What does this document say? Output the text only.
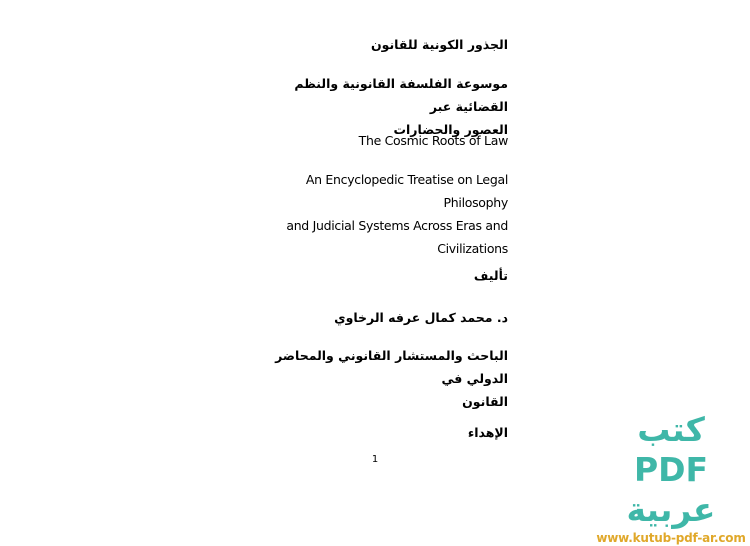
الجذور الكونية للقانون
موسوعة الفلسفة القانونية والنظم القضائية عبر
العصور والحضارات
The Cosmic Roots of Law
An Encyclopedic Treatise on Legal Philosophy
and Judicial Systems Across Eras and
Civilizations
تأليف
د. محمد كمال عرفه الرخاوي
الباحث والمستشار القانوني والمحاضر الدولي في
القانون
الإهداء
1
كتب PDF عربية
www.kutub-pdf-ar.com
